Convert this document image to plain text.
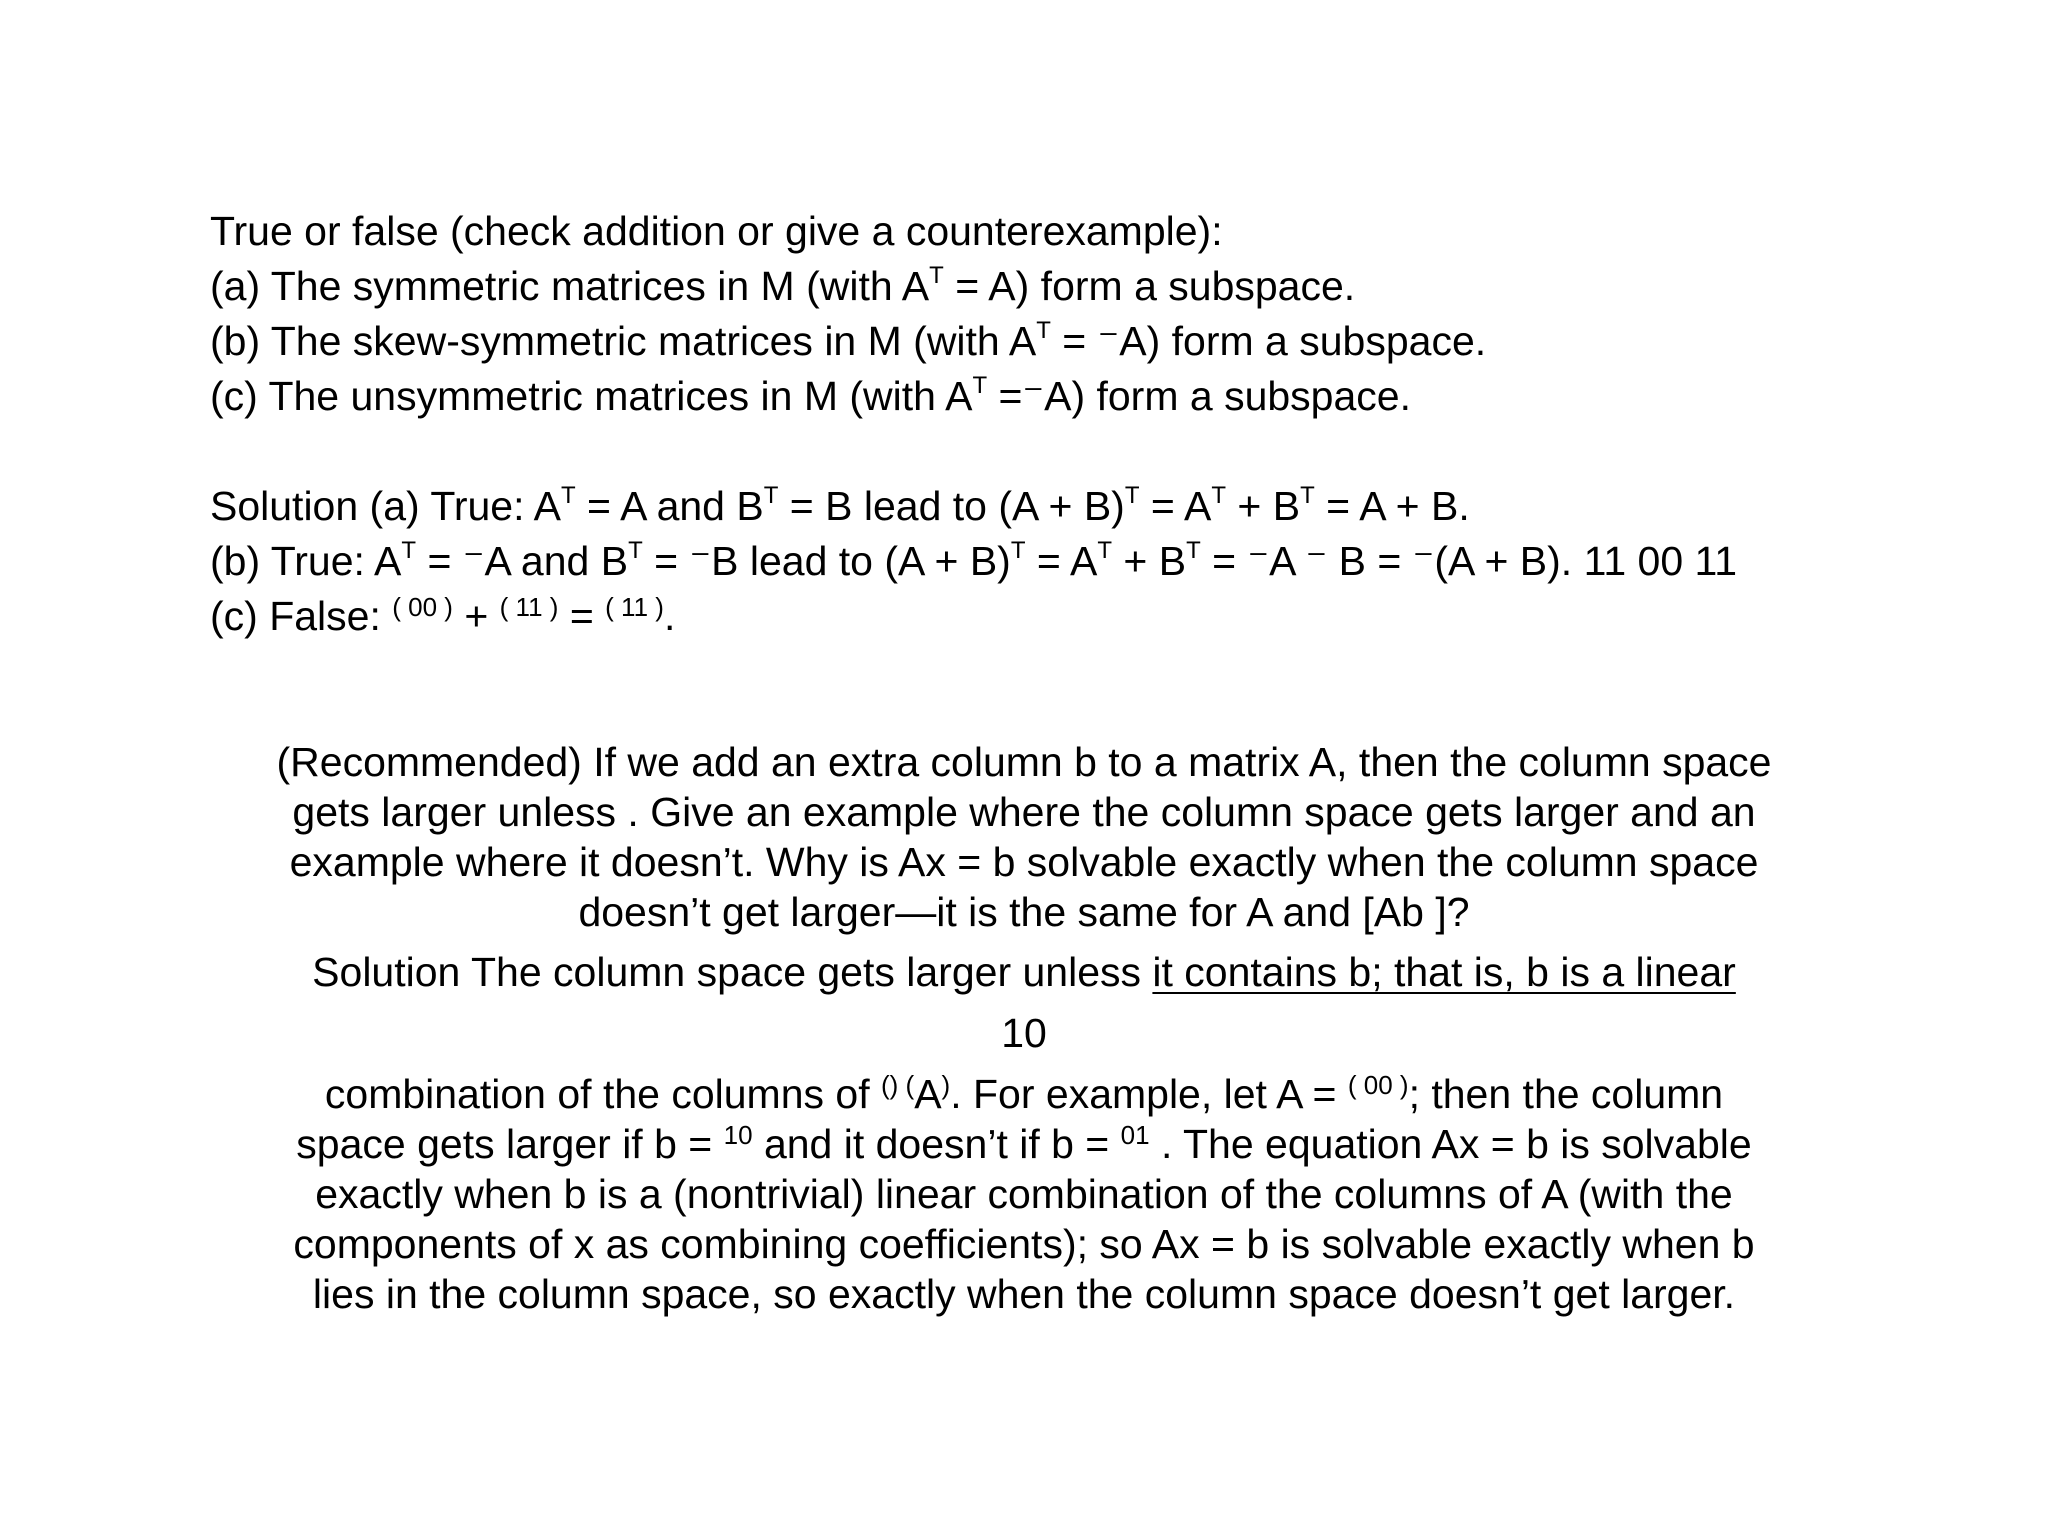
True or false (check addition or give a counterexample):
(a) The symmetric matrices in M (with $A^T = A$) form a subspace.
(b) The skew-symmetric matrices in M (with $A^T = ^-A$) form a subspace.
(c) The unsymmetric matrices in M (with $A^T =^-A$) form a subspace.
Solution (a) True: $A^T = A$ and $B^T = B$ lead to $(A + B)^T = A^T + B^T = A + B$.
(b) True: $A^T = ^-A$ and $B^T = ^-B$ lead to $(A + B)^T = A^T + B^T = ^-A$ ⁻ B = ⁻(A + B). 11 00 11
(c) False: $^{( 00 )}$ + $^{( 11 )}$ = $^{( 11 )}$.
(Recommended) If we add an extra column b to a matrix A, then the column space
gets larger unless . Give an example where the column space gets larger and an
example where it doesn’t. Why is Ax = b solvable exactly when the column space
doesn’t get larger—it is the same for A and [Ab ]?
Solution The column space gets larger unless it contains b; that is, b is a linear
10
combination of the columns of () (A). For example, let A = $^{( 00 )}$; then the column
space gets larger if b = $^{10}$ and it doesn’t if b = $^{01}$ . The equation Ax = b is solvable
exactly when b is a (nontrivial) linear combination of the columns of A (with the
components of x as combining coefficients); so Ax = b is solvable exactly when b
lies in the column space, so exactly when the column space doesn’t get larger.
